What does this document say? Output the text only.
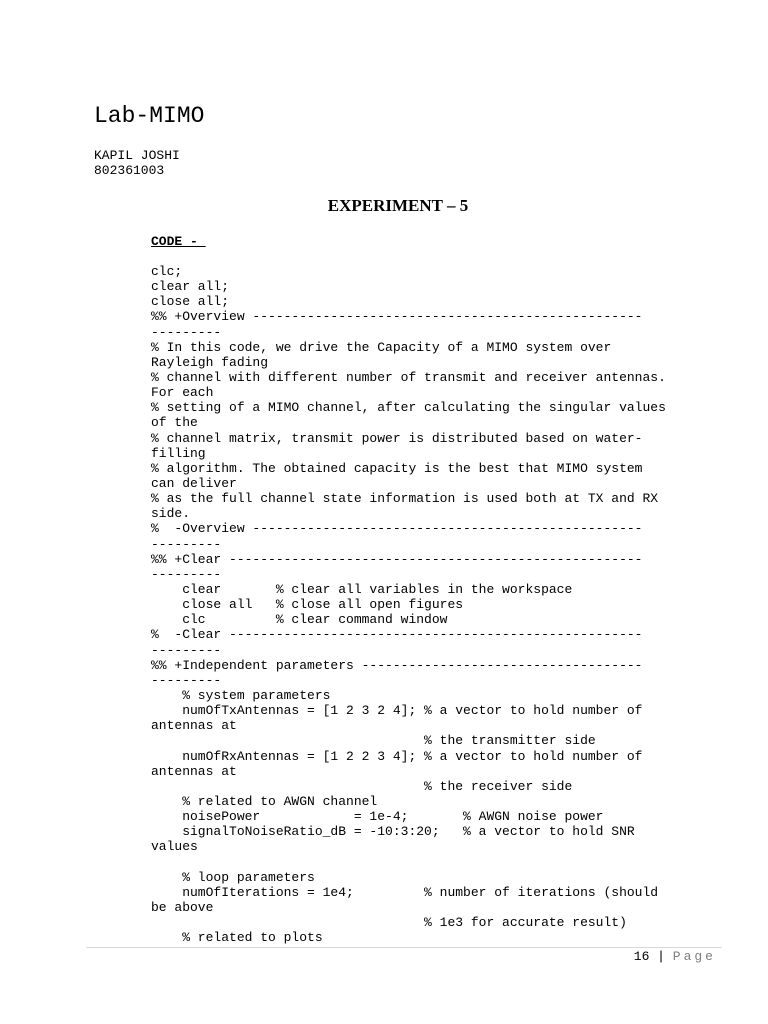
Lab-MIMO
KAPIL JOSHI
802361003
EXPERIMENT – 5
CODE -
clc;
clear all;
close all;
%% +Overview --------------------------------------------------
---------
% In this code, we drive the Capacity of a MIMO system over
Rayleigh fading
% channel with different number of transmit and receiver antennas.
For each
% setting of a MIMO channel, after calculating the singular values
of the
% channel matrix, transmit power is distributed based on water-
filling
% algorithm. The obtained capacity is the best that MIMO system
can deliver
% as the full channel state information is used both at TX and RX
side.
%  -Overview --------------------------------------------------
---------
%% +Clear -----------------------------------------------------
---------
clear       % clear all variables in the workspace
close all   % close all open figures
clc         % clear command window
%  -Clear -----------------------------------------------------
---------
%% +Independent parameters ------------------------------------
---------
% system parameters
numOfTxAntennas = [1 2 3 2 4]; % a vector to hold number of
antennas at
% the transmitter side
numOfRxAntennas = [1 2 2 3 4]; % a vector to hold number of
antennas at
% the receiver side
% related to AWGN channel
noisePower            = 1e-4;       % AWGN noise power
signalToNoiseRatio_dB = -10:3:20;   % a vector to hold SNR
values
% loop parameters
numOfIterations = 1e4;         % number of iterations (should
be above
% 1e3 for accurate result)
% related to plots
16 | Page
